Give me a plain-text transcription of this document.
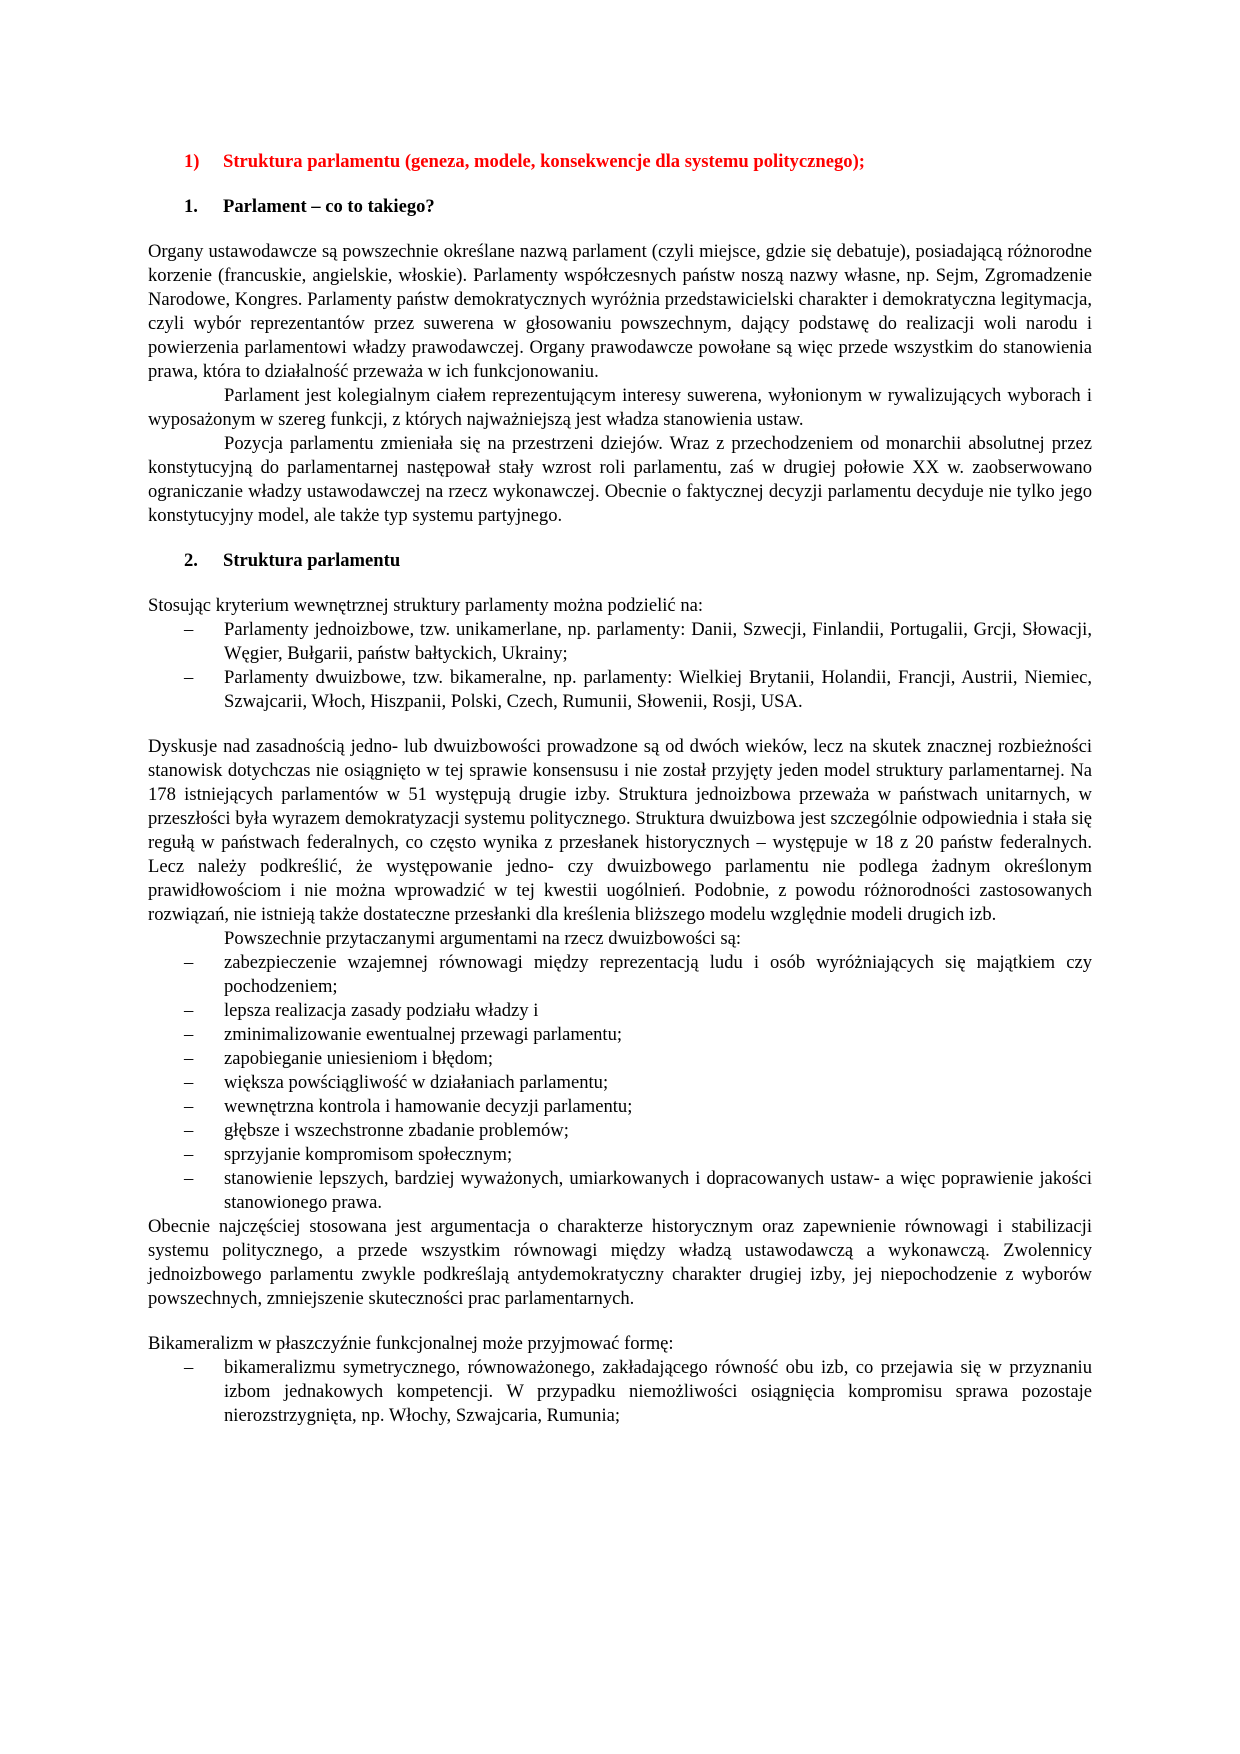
1)	Struktura parlamentu (geneza, modele, konsekwencje dla systemu politycznego);
1.	Parlament – co to takiego?

Organy ustawodawcze są powszechnie określane nazwą parlament (czyli miejsce, gdzie się debatuje), posiadającą różnorodne korzenie (francuskie, angielskie, włoskie). Parlamenty współczesnych państw noszą nazwy własne, np. Sejm, Zgromadzenie Narodowe, Kongres. Parlamenty państw demokratycznych wyróżnia przedstawicielski charakter i demokratyczna legitymacja, czyli wybór reprezentantów przez suwerena w głosowaniu powszechnym, dający podstawę do realizacji woli narodu i powierzenia parlamentowi władzy prawodawczej. Organy prawodawcze powołane są więc przede wszystkim do stanowienia prawa, która to działalność przeważa w ich funkcjonowaniu.

Parlament jest kolegialnym ciałem reprezentującym interesy suwerena, wyłonionym w rywalizujących wyborach i wyposażonym w szereg funkcji, z których najważniejszą jest władza stanowienia ustaw.

Pozycja parlamentu zmieniała się na przestrzeni dziejów. Wraz z przechodzeniem od monarchii absolutnej przez konstytucyjną do parlamentarnej następował stały wzrost roli parlamentu, zaś w drugiej połowie XX w. zaobserwowano ograniczanie władzy ustawodawczej na rzecz wykonawczej. Obecnie o faktycznej decyzji parlamentu decyduje nie tylko jego konstytucyjny model, ale także typ systemu partyjnego.

2.	Struktura parlamentu

Stosując kryterium wewnętrznej struktury parlamenty można podzielić na:

–	Parlamenty jednoizbowe, tzw. unikamerlane, np. parlamenty: Danii, Szwecji, Finlandii, Portugalii, Grcji, Słowacji, Węgier, Bułgarii, państw bałtyckich, Ukrainy;
–	Parlamenty dwuizbowe, tzw. bikameralne, np. parlamenty: Wielkiej Brytanii, Holandii, Francji, Austrii, Niemiec, Szwajcarii, Włoch, Hiszpanii, Polski, Czech, Rumunii, Słowenii, Rosji, USA.

Dyskusje nad zasadnością jedno- lub dwuizbowości prowadzone są od dwóch wieków, lecz na skutek znacznej rozbieżności stanowisk dotychczas nie osiągnięto w tej sprawie konsensusu i nie został przyjęty jeden model struktury parlamentarnej. Na 178 istniejących parlamentów w 51 występują drugie izby. Struktura jednoizbowa przeważa w państwach unitarnych, w przeszłości była wyrazem demokratyzacji systemu politycznego. Struktura dwuizbowa jest szczególnie odpowiednia i stała się regułą w państwach federalnych, co często wynika z przesłanek historycznych – występuje w 18 z 20 państw federalnych. Lecz należy podkreślić, że występowanie jedno- czy dwuizbowego parlamentu nie podlega żadnym określonym prawidłowościom i nie można wprowadzić w tej kwestii uogólnień. Podobnie, z powodu różnorodności zastosowanych rozwiązań, nie istnieją także dostateczne przesłanki dla kreślenia bliższego modelu względnie modeli drugich izb.

Powszechnie przytaczanymi argumentami na rzecz dwuizbowości są:

–	zabezpieczenie wzajemnej równowagi między reprezentacją ludu i osób wyróżniających się majątkiem czy pochodzeniem;
–	lepsza realizacja zasady podziału władzy i
–	zminimalizowanie ewentualnej przewagi parlamentu;
–	zapobieganie uniesieniom i błędom;
–	większa powściągliwość w działaniach parlamentu;
–	wewnętrzna kontrola i hamowanie decyzji parlamentu;
–	głębsze i wszechstronne zbadanie problemów;
–	sprzyjanie kompromisom społecznym;
–	stanowienie lepszych, bardziej wyważonych, umiarkowanych i dopracowanych ustaw- a więc poprawienie jakości stanowionego prawa.

Obecnie najczęściej stosowana jest argumentacja o charakterze historycznym oraz zapewnienie równowagi i stabilizacji systemu politycznego, a przede wszystkim równowagi między władzą ustawodawczą a wykonawczą. Zwolennicy jednoizbowego parlamentu zwykle podkreślają antydemokratyczny charakter drugiej izby, jej niepochodzenie z wyborów powszechnych, zmniejszenie skuteczności prac parlamentarnych.

Bikameralizm w płaszczyźnie funkcjonalnej może przyjmować formę:

–	bikameralizmu symetrycznego, równoważonego, zakładającego równość obu izb, co przejawia się w przyznaniu izbom jednakowych kompetencji. W przypadku niemożliwości osiągnięcia kompromisu sprawa pozostaje nierozstrzygnięta, np. Włochy, Szwajcaria, Rumunia;
